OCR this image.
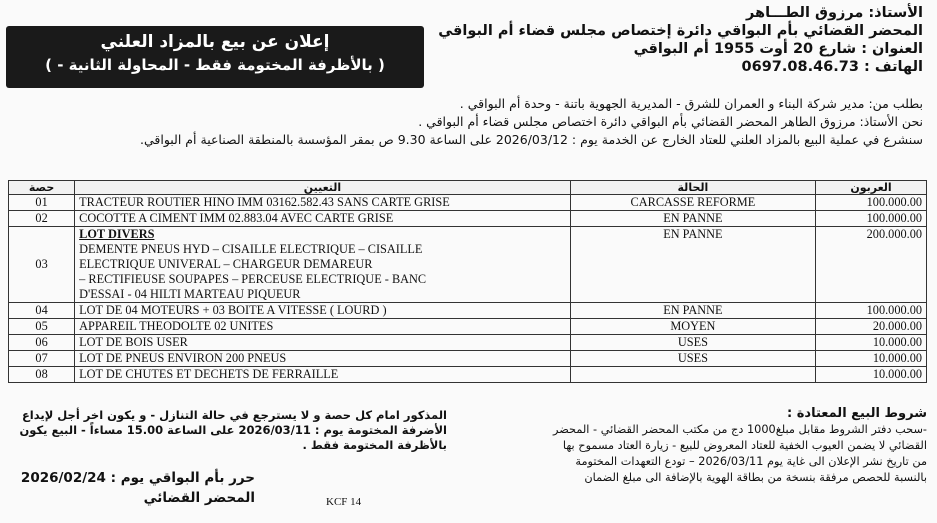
الأستاذ: مرزوق الطـــاهر
المحضر القضائي بأم البواقي دائرة إختصاص مجلس قضاء أم البواقي
العنوان : شارع 20 أوت 1955 أم البواقي
الهاتف : 0697.08.46.73
إعلان عن بيع بالمزاد العلني
( بالأظرفة المختومة فقط - المحاولة الثانية - )
بطلب من: مدير شركة البناء و العمران للشرق - المديرية الجهوية باتنة - وحدة أم البواقي .
نحن الأستاذ: مرزوق الطاهر المحضر القضائي بأم البواقي دائرة اختصاص مجلس قضاء أم البواقي .
سنشرع في عملية البيع بالمزاد العلني للعتاد الخارج عن الخدمة يوم : 2026/03/12 على الساعة 9.30 ص بمقر المؤسسة بالمنطقة الصناعية أم البواقي.
حصة	التعيين	الحالة	العربون
01	TRACTEUR ROUTIER HINO IMM 03162.582.43 SANS CARTE GRISE	CARCASSE REFORME	100.000.00
02	COCOTTE A CIMENT IMM 02.883.04 AVEC CARTE GRISE	EN PANNE	100.000.00
03	LOT DIVERS
DEMENTE PNEUS HYD – CISAILLE ELECTRIQUE – CISAILLE
ELECTRIQUE UNIVERAL – CHARGEUR DEMAREUR
– RECTIFIEUSE SOUPAPES – PERCEUSE ELECTRIQUE - BANC
D'ESSAI - 04 HILTI MARTEAU PIQUEUR	EN PANNE	200.000.00
04	LOT DE 04 MOTEURS + 03 BOITE A VITESSE ( LOURD )	EN PANNE	100.000.00
05	APPAREIL THEODOLTE 02 UNITES	MOYEN	20.000.00
06	LOT DE BOIS USER	USES	10.000.00
07	LOT DE PNEUS ENVIRON 200 PNEUS	USES	10.000.00
08	LOT DE CHUTES ET DECHETS DE FERRAILLE		10.000.00
شروط البيع المعتادة :
-سحب دفتر الشروط مقابل مبلغ1000 دج من مكتب المحضر القضائي - المحضر
القضائي لا يضمن العيوب الخفية للعتاد المعروض للبيع - زيارة العتاد مسموح بها
من تاريخ نشر الإعلان الى غاية يوم 2026/03/11 – تودع التعهدات المختومة
بالنسبة للحصص مرفقة بنسخة من بطاقة الهوية بالإضافة الى مبلغ الضمان
المذكور امام كل حصة و لا يسترجع في حالة التنازل - و يكون اخر أجل لإيداع
الأضرفة المختومة يوم : 2026/03/11 على الساعة 15.00 مساءاً - البيع يكون
بالأظرفة المختومة فقط .
حرر بأم البواقي يوم : 2026/02/24
المحضر القضائي	KCF 14
